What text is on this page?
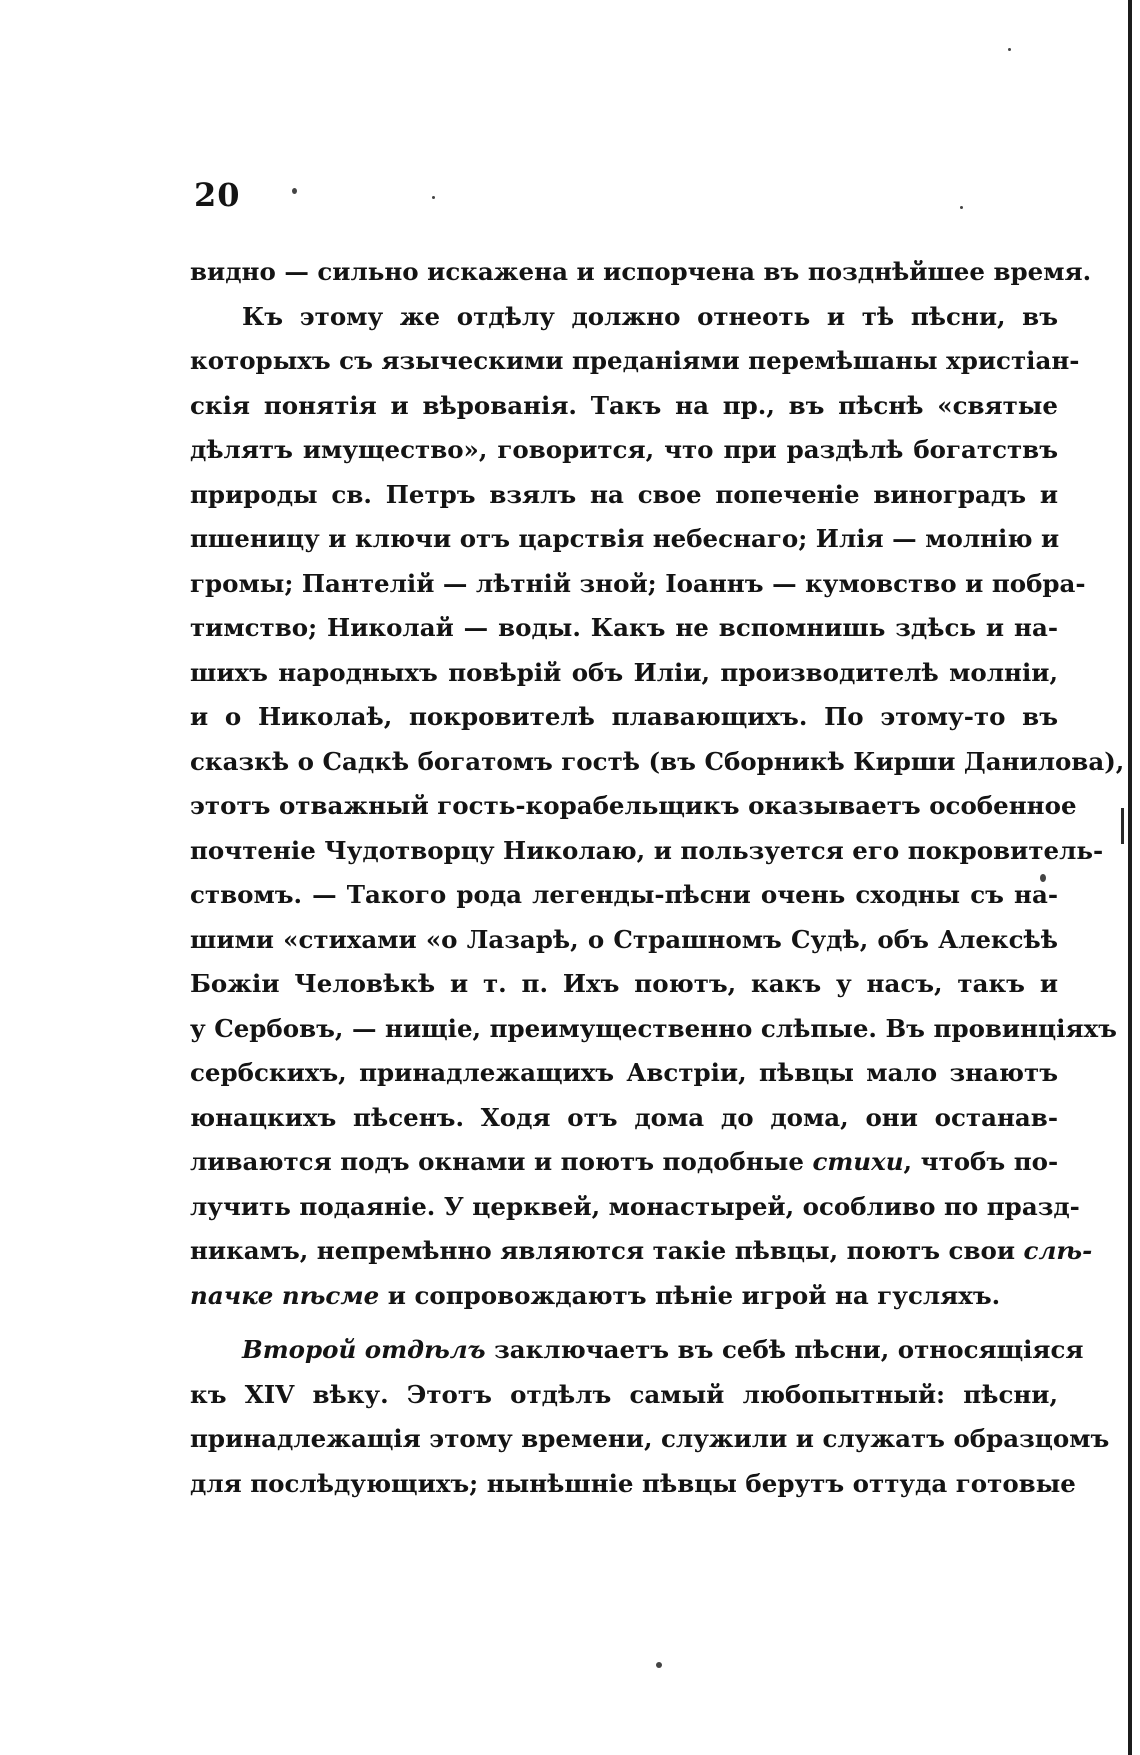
20
видно — сильно искажена и испорчена въ позднѣйшее время.
Къ этому же отдѣлу должно отнеоть и тѣ пѣсни, въ
которыхъ съ языческими преданіями перемѣшаны христіан-
скія понятія и вѣрованія. Такъ на пр., въ пѣснѣ «святые
дѣлятъ имущество», говорится, что при раздѣлѣ богатствъ
природы св. Петръ взялъ на свое попеченіе виноградъ и
пшеницу и ключи отъ царствія небеснаго; Илія — молнію и
громы; Пантелій — лѣтній зной; Іоаннъ — кумовство и побра-
тимство; Николай — воды. Какъ не вспомнишь здѣсь и на-
шихъ народныхъ повѣрій объ Иліи, производителѣ молніи,
и о Николаѣ, покровителѣ плавающихъ. По этому-то въ
сказкѣ о Садкѣ богатомъ гостѣ (въ Сборникѣ Кирши Данилова),
этотъ отважный гость-корабельщикъ оказываетъ особенное
почтеніе Чудотворцу Николаю, и пользуется его покровитель-
ствомъ. — Такого рода легенды-пѣсни очень сходны съ на-
шими «стихами «о Лазарѣ, о Страшномъ Судѣ, объ Алексѣѣ
Божіи Человѣкѣ и т. п. Ихъ поютъ, какъ у насъ, такъ и
у Сербовъ, — нищіе, преимущественно слѣпые. Въ провинціяхъ
сербскихъ, принадлежащихъ Австріи, пѣвцы мало знаютъ
юнацкихъ пѣсенъ. Ходя отъ дома до дома, они останав-
ливаются подъ окнами и поютъ подобные стихи, чтобъ по-
лучить подаяніе. У церквей, монастырей, особливо по празд-
никамъ, непремѣнно являются такіе пѣвцы, поютъ свои слѣ-
пачке пѣсме и сопровождаютъ пѣніе игрой на гусляхъ.
Второй отдѣлъ заключаетъ въ себѣ пѣсни, относящіяся
къ XIV вѣку. Этотъ отдѣлъ самый любопытный: пѣсни,
принадлежащія этому времени, служили и служатъ образцомъ
для послѣдующихъ; нынѣшніе пѣвцы берутъ оттуда готовые
